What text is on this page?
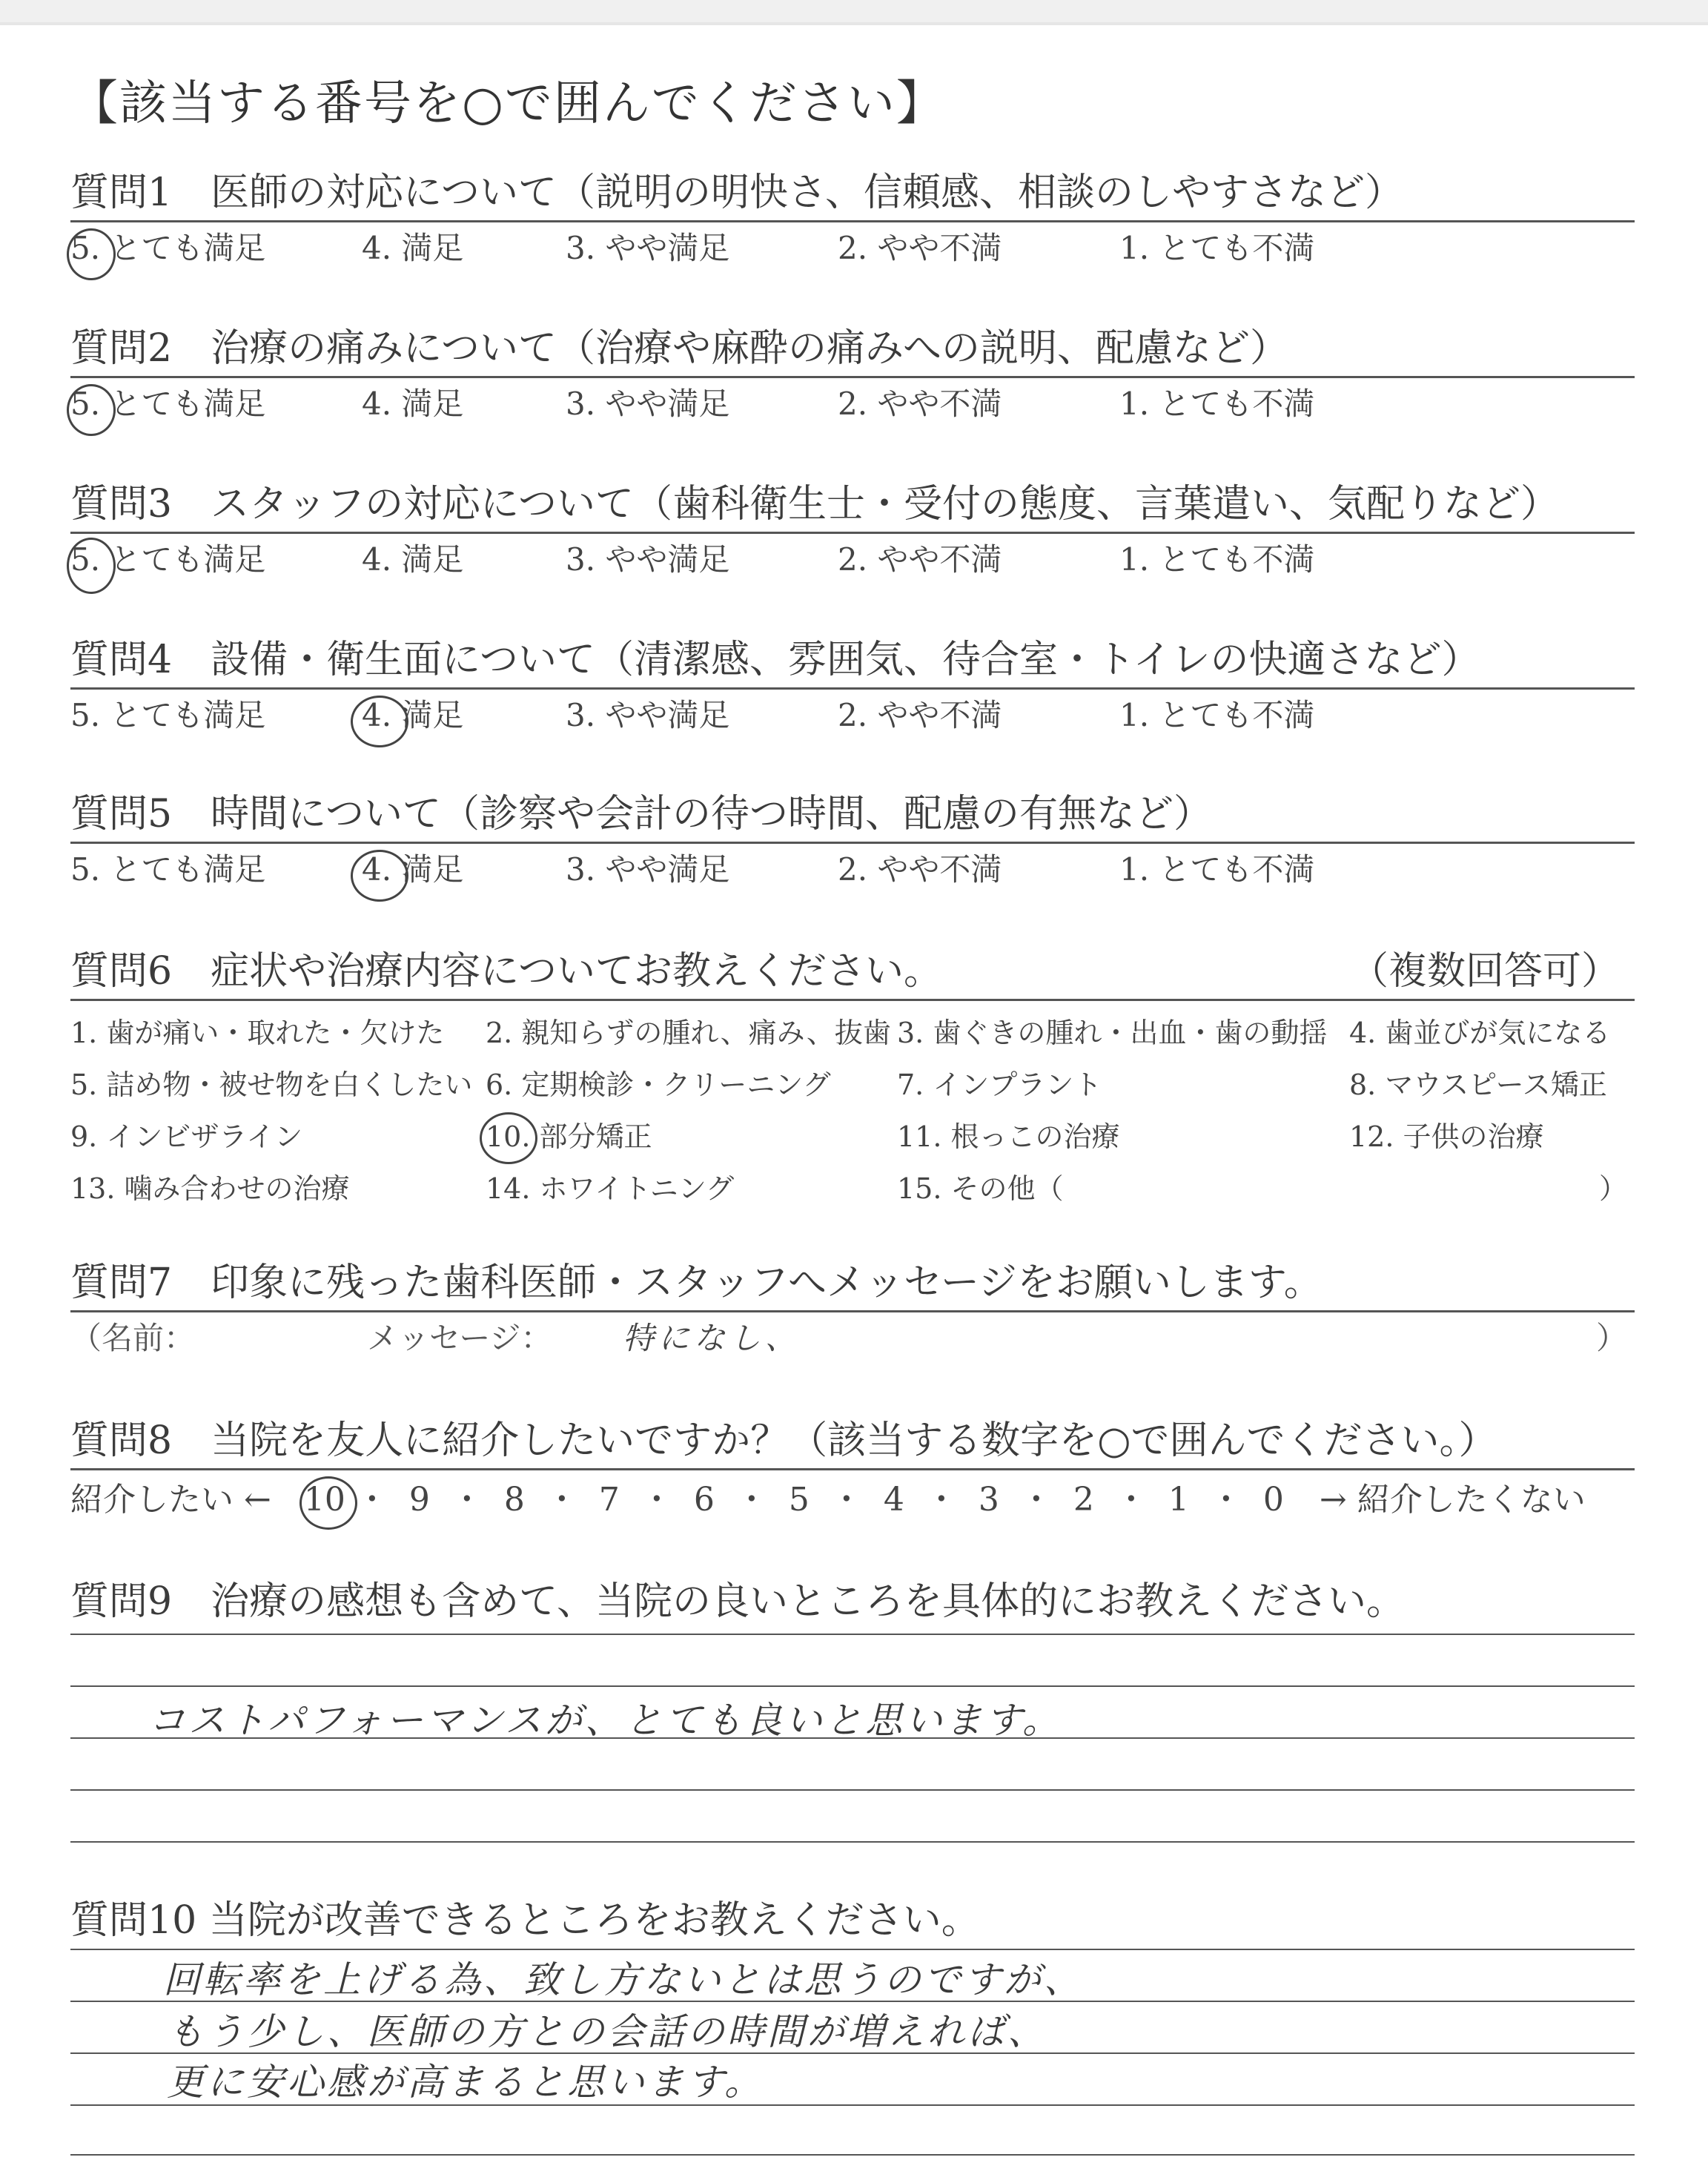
【該当する番号を○で囲んでください】
質問1　医師の対応について（説明の明快さ、信頼感、相談のしやすさなど）
5. とても満足	4. 満足	3. やや満足	2. やや不満	1. とても不満
質問2　治療の痛みについて（治療や麻酔の痛みへの説明、配慮など）
5. とても満足	4. 満足	3. やや満足	2. やや不満	1. とても不満
質問3　スタッフの対応について（歯科衛生士・受付の態度、言葉遣い、気配りなど）
5. とても満足	4. 満足	3. やや満足	2. やや不満	1. とても不満
質問4　設備・衛生面について（清潔感、雰囲気、待合室・トイレの快適さなど）
5. とても満足	4. 満足	3. やや満足	2. やや不満	1. とても不満
質問5　時間について（診察や会計の待つ時間、配慮の有無など）
5. とても満足	4. 満足	3. やや満足	2. やや不満	1. とても不満
質問6　症状や治療内容についてお教えください。	（複数回答可）
1. 歯が痛い・取れた・欠けた	2. 親知らずの腫れ、痛み、抜歯 3. 歯ぐきの腫れ・出血・歯の動揺 4. 歯並びが気になる
5. 詰め物・被せ物を白くしたい 6. 定期検診・クリーニング	7. インプラント	8. マウスピース矯正
9. インビザライン	10. 部分矯正	11. 根っこの治療	12. 子供の治療
13. 噛み合わせの治療	14. ホワイトニング	15. その他（	）
質問7　印象に残った歯科医師・スタッフへメッセージをお願いします。
（名前：	メッセージ：	特になし、	）
質問8　当院を友人に紹介したいですか？（該当する数字を○で囲んでください。）
紹介したい ← 10 ・ 9 ・ 8 ・ 7 ・ 6 ・ 5 ・ 4 ・ 3 ・ 2 ・ 1 ・ 0	→ 紹介したくない
質問9　治療の感想も含めて、当院の良いところを具体的にお教えください。
コストパフォーマンスが、とても良いと思います。
質問10 当院が改善できるところをお教えください。
回転率を上げる為、致し方ないとは思うのですが、
もう少し、医師の方との会話の時間が増えれば、
更に安心感が高まると思います。
